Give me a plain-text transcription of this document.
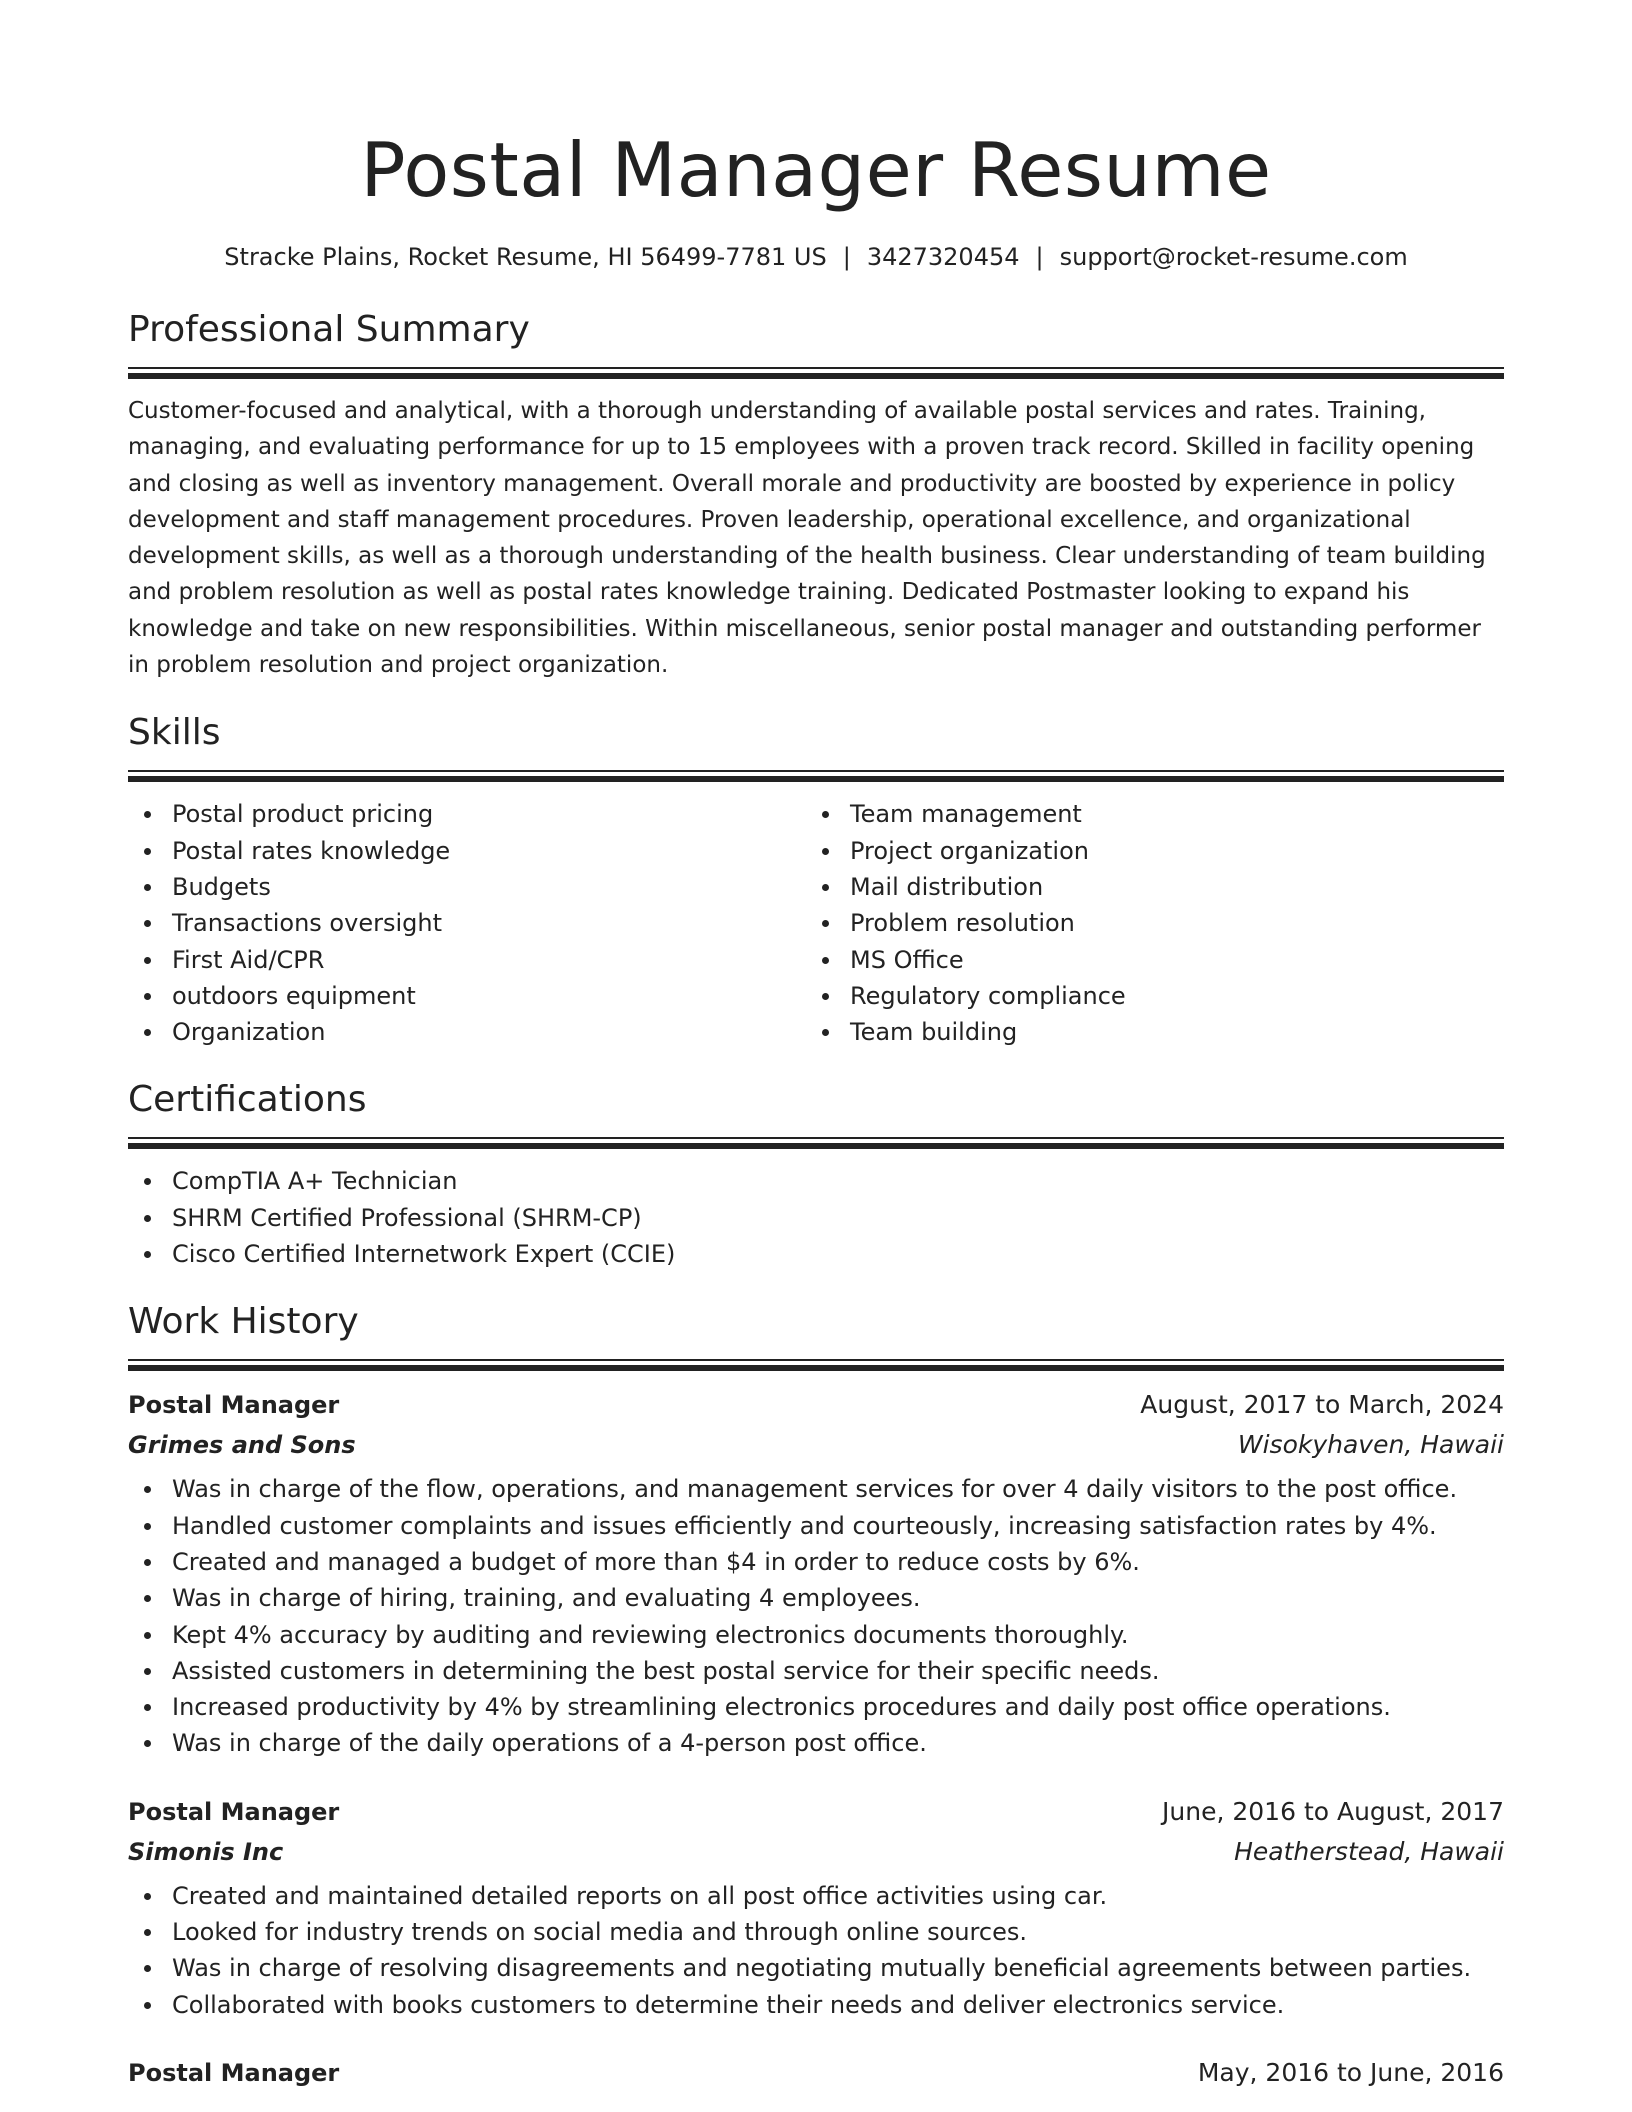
Postal Manager Resume
Stracke Plains, Rocket Resume, HI 56499-7781 US | 3427320454 | support@rocket-resume.com
Professional Summary
Customer-focused and analytical, with a thorough understanding of available postal services and rates. Training, managing, and evaluating performance for up to 15 employees with a proven track record. Skilled in facility opening and closing as well as inventory management. Overall morale and productivity are boosted by experience in policy development and staff management procedures. Proven leadership, operational excellence, and organizational development skills, as well as a thorough understanding of the health business. Clear understanding of team building and problem resolution as well as postal rates knowledge training. Dedicated Postmaster looking to expand his knowledge and take on new responsibilities. Within miscellaneous, senior postal manager and outstanding performer in problem resolution and project organization.
Skills
Postal product pricing
Postal rates knowledge
Budgets
Transactions oversight
First Aid/CPR
outdoors equipment
Organization
Team management
Project organization
Mail distribution
Problem resolution
MS Office
Regulatory compliance
Team building
Certifications
CompTIA A+ Technician
SHRM Certified Professional (SHRM-CP)
Cisco Certified Internetwork Expert (CCIE)
Work History
Postal Manager	August, 2017 to March, 2024
Grimes and Sons	Wisokyhaven, Hawaii
Was in charge of the flow, operations, and management services for over 4 daily visitors to the post office.
Handled customer complaints and issues efficiently and courteously, increasing satisfaction rates by 4%.
Created and managed a budget of more than $4 in order to reduce costs by 6%.
Was in charge of hiring, training, and evaluating 4 employees.
Kept 4% accuracy by auditing and reviewing electronics documents thoroughly.
Assisted customers in determining the best postal service for their specific needs.
Increased productivity by 4% by streamlining electronics procedures and daily post office operations.
Was in charge of the daily operations of a 4-person post office.
Postal Manager	June, 2016 to August, 2017
Simonis Inc	Heatherstead, Hawaii
Created and maintained detailed reports on all post office activities using car.
Looked for industry trends on social media and through online sources.
Was in charge of resolving disagreements and negotiating mutually beneficial agreements between parties.
Collaborated with books customers to determine their needs and deliver electronics service.
Postal Manager	May, 2016 to June, 2016
